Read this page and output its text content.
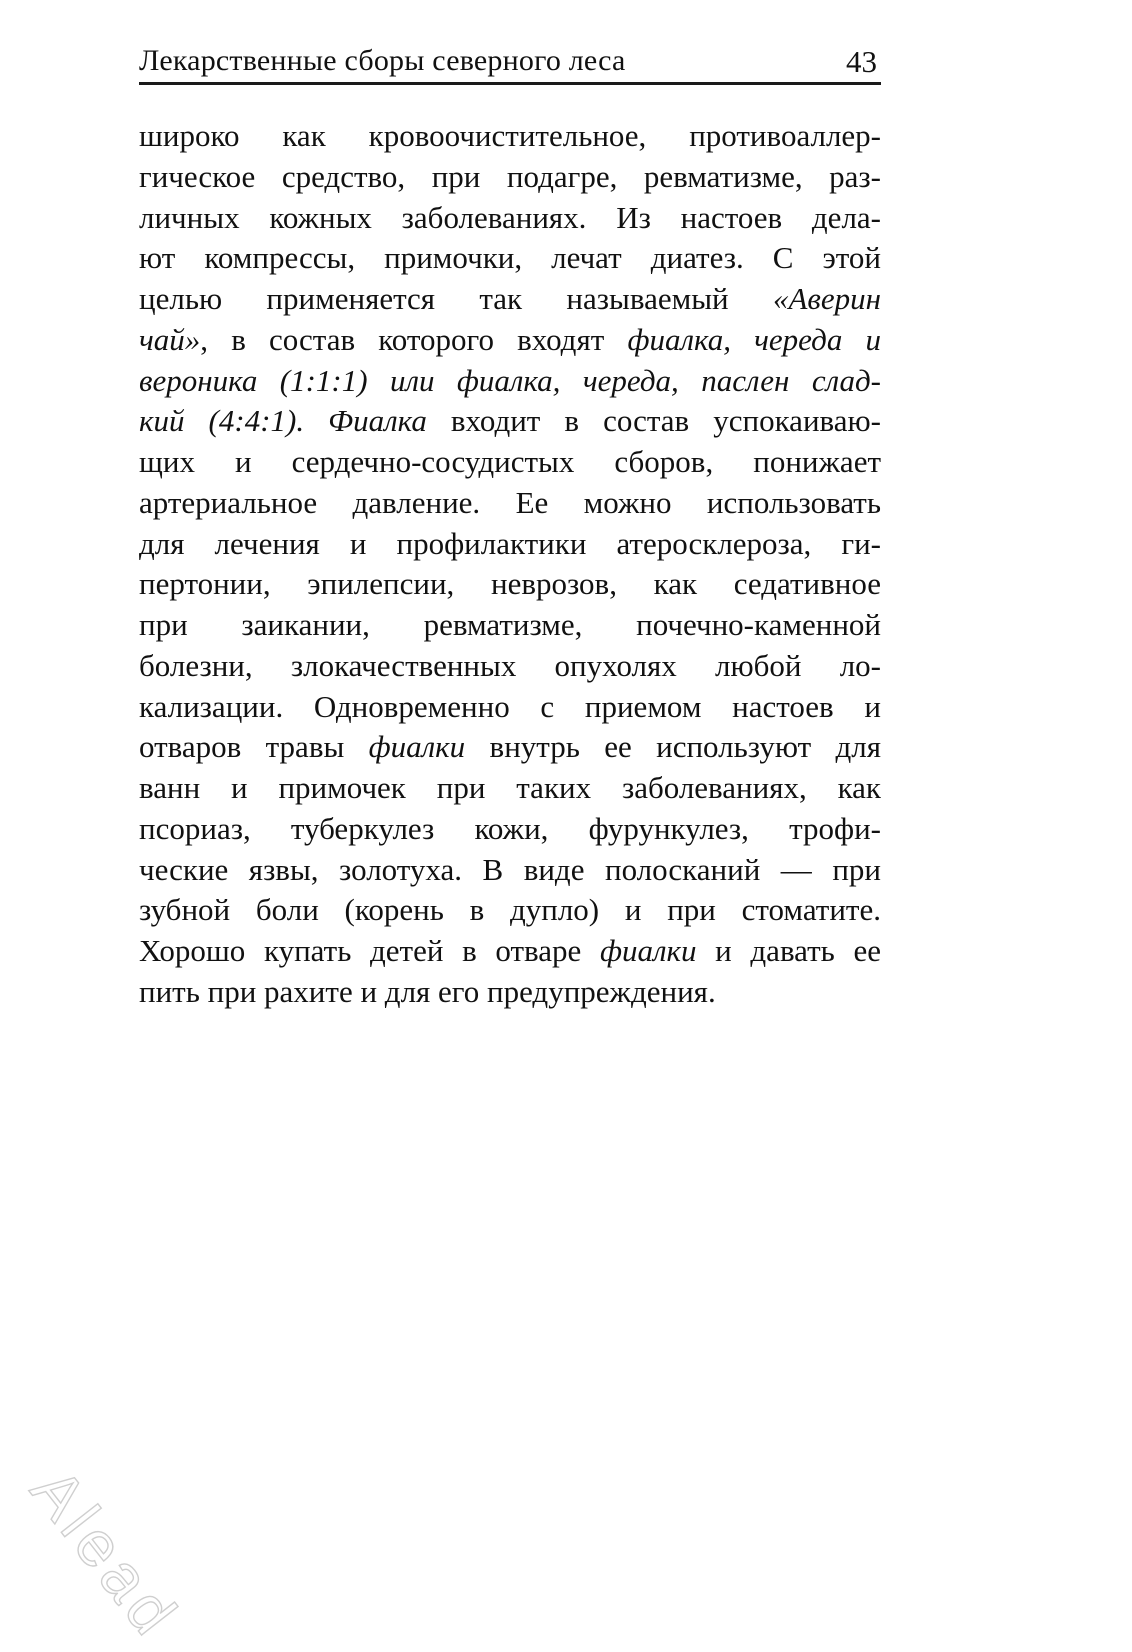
Лекарственные сборы северного леса	43
широко как кровоочистительное, противоаллер-
гическое средство, при подагре, ревматизме, раз-
личных кожных заболеваниях. Из настоев дела-
ют компрессы, примочки, лечат диатез. С этой
целью применяется так называемый «Аверин
чай», в состав которого входят фиалка, череда и
вероника (1:1:1) или фиалка, череда, паслен слад-
кий (4:4:1). Фиалка входит в состав успокаиваю-
щих и сердечно-сосудистых сборов, понижает
артериальное давление. Ее можно использовать
для лечения и профилактики атеросклероза, ги-
пертонии, эпилепсии, неврозов, как седативное
при заикании, ревматизме, почечно-каменной
болезни, злокачественных опухолях любой ло-
кализации. Одновременно с приемом настоев и
отваров травы фиалки внутрь ее используют для
ванн и примочек при таких заболеваниях, как
псориаз, туберкулез кожи, фурункулез, трофи-
ческие язвы, золотуха. В виде полосканий — при
зубной боли (корень в дупло) и при стоматите.
Хорошо купать детей в отваре фиалки и давать ее
пить при рахите и для его предупреждения.
Alead
